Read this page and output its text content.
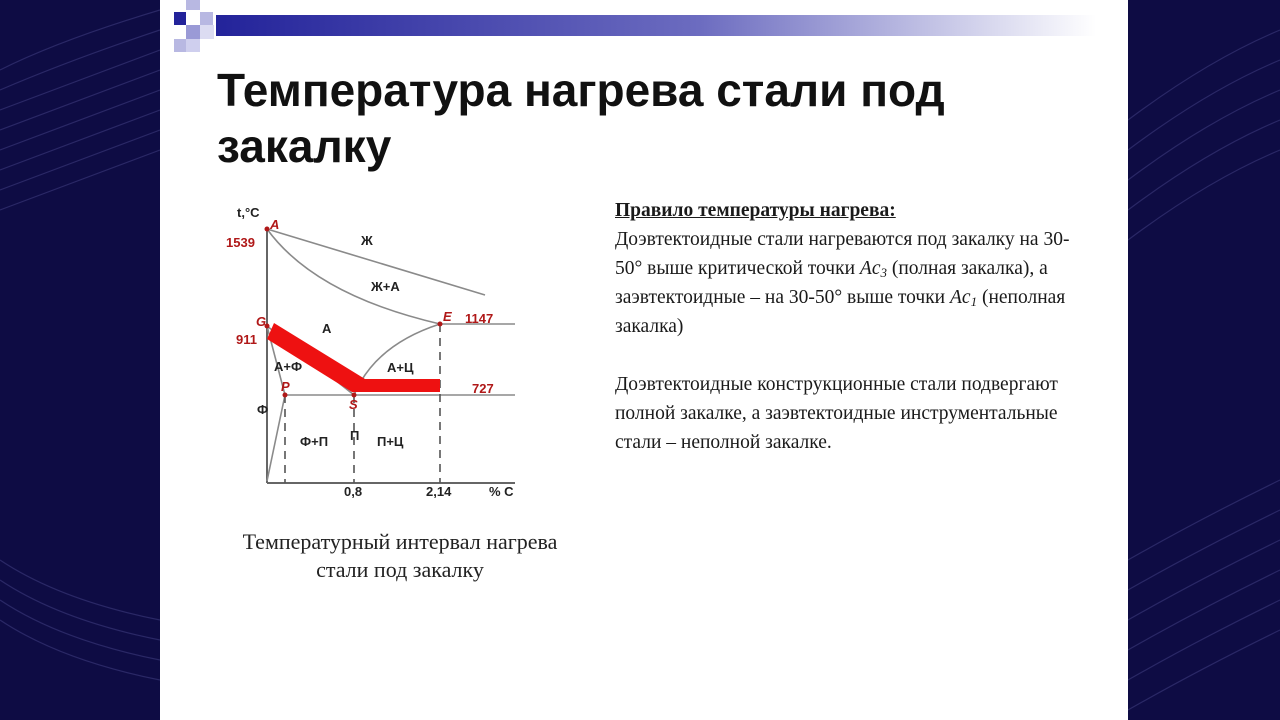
Температура нагрева стали под закалку
t,°C
% C
1539
911
1147
727
0,8	2,14
A
G
P
S
E
Ж
Ж+А
А
А+Ф	А+Ц
Ф
Ф+П П П+Ц

Температурный интервал нагрева стали под закалку

Правило температуры нагрева:

Доэвтектоидные стали нагреваются под закалку на 30-50° выше критической точки $Ac_3$ (полная закалка), а заэвтектоидные – на 30-50° выше точки $Ac_1$ (неполная закалка)

Доэвтектоидные конструкционные стали подвергают полной закалке, а заэвтектоидные инструментальные стали – неполной закалке.
